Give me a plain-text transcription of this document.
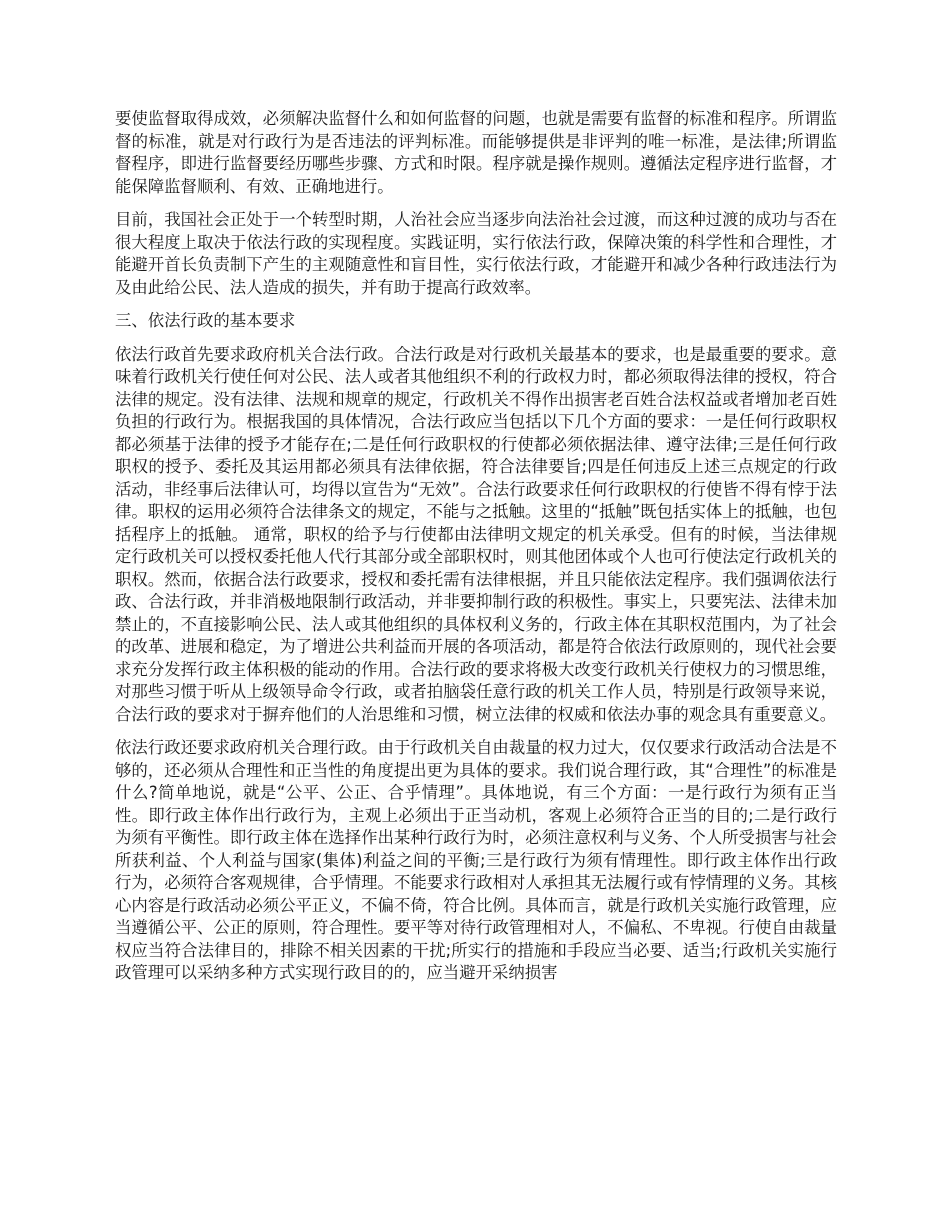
要使监督取得成效，必须解决监督什么和如何监督的问题，也就是需要有监督的标准和程序。所谓监督的标准，就是对行政行为是否违法的评判标准。而能够提供是非评判的唯一标准，是法律;所谓监督程序，即进行监督要经历哪些步骤、方式和时限。程序就是操作规则。遵循法定程序进行监督，才能保障监督顺利、有效、正确地进行。

目前，我国社会正处于一个转型时期，人治社会应当逐步向法治社会过渡，而这种过渡的成功与否在很大程度上取决于依法行政的实现程度。实践证明，实行依法行政，保障决策的科学性和合理性，才能避开首长负责制下产生的主观随意性和盲目性，实行依法行政，才能避开和减少各种行政违法行为及由此给公民、法人造成的损失，并有助于提高行政效率。

三、依法行政的基本要求

依法行政首先要求政府机关合法行政。合法行政是对行政机关最基本的要求，也是最重要的要求。意味着行政机关行使任何对公民、法人或者其他组织不利的行政权力时，都必须取得法律的授权，符合法律的规定。没有法律、法规和规章的规定，行政机关不得作出损害老百姓合法权益或者增加老百姓负担的行政行为。根据我国的具体情况，合法行政应当包括以下几个方面的要求：一是任何行政职权都必须基于法律的授予才能存在;二是任何行政职权的行使都必须依据法律、遵守法律;三是任何行政职权的授予、委托及其运用都必须具有法律依据，符合法律要旨;四是任何违反上述三点规定的行政活动，非经事后法律认可，均得以宣告为“无效”。合法行政要求任何行政职权的行使皆不得有悖于法律。职权的运用必须符合法律条文的规定，不能与之抵触。这里的“抵触”既包括实体上的抵触，也包括程序上的抵触。 通常，职权的给予与行使都由法律明文规定的机关承受。但有的时候，当法律规定行政机关可以授权委托他人代行其部分或全部职权时，则其他团体或个人也可行使法定行政机关的职权。然而，依据合法行政要求，授权和委托需有法律根据，并且只能依法定程序。我们强调依法行政、合法行政，并非消极地限制行政活动，并非要抑制行政的积极性。事实上，只要宪法、法律未加禁止的，不直接影响公民、法人或其他组织的具体权利义务的，行政主体在其职权范围内，为了社会的改革、进展和稳定，为了增进公共利益而开展的各项活动，都是符合依法行政原则的，现代社会要求充分发挥行政主体积极的能动的作用。合法行政的要求将极大改变行政机关行使权力的习惯思维，对那些习惯于听从上级领导命令行政，或者拍脑袋任意行政的机关工作人员，特别是行政领导来说，合法行政的要求对于摒弃他们的人治思维和习惯，树立法律的权威和依法办事的观念具有重要意义。

依法行政还要求政府机关合理行政。由于行政机关自由裁量的权力过大，仅仅要求行政活动合法是不够的，还必须从合理性和正当性的角度提出更为具体的要求。我们说合理行政，其“合理性”的标准是什么?简单地说，就是“公平、公正、合乎情理”。具体地说，有三个方面：一是行政行为须有正当性。即行政主体作出行政行为，主观上必须出于正当动机，客观上必须符合正当的目的;二是行政行为须有平衡性。即行政主体在选择作出某种行政行为时，必须注意权利与义务、个人所受损害与社会所获利益、个人利益与国家(集体)利益之间的平衡;三是行政行为须有情理性。即行政主体作出行政行为，必须符合客观规律，合乎情理。不能要求行政相对人承担其无法履行或有悖情理的义务。其核心内容是行政活动必须公平正义，不偏不倚，符合比例。具体而言，就是行政机关实施行政管理，应当遵循公平、公正的原则，符合理性。要平等对待行政管理相对人，不偏私、不卑视。行使自由裁量权应当符合法律目的，排除不相关因素的干扰;所实行的措施和手段应当必要、适当;行政机关实施行政管理可以采纳多种方式实现行政目的的，应当避开采纳损害
